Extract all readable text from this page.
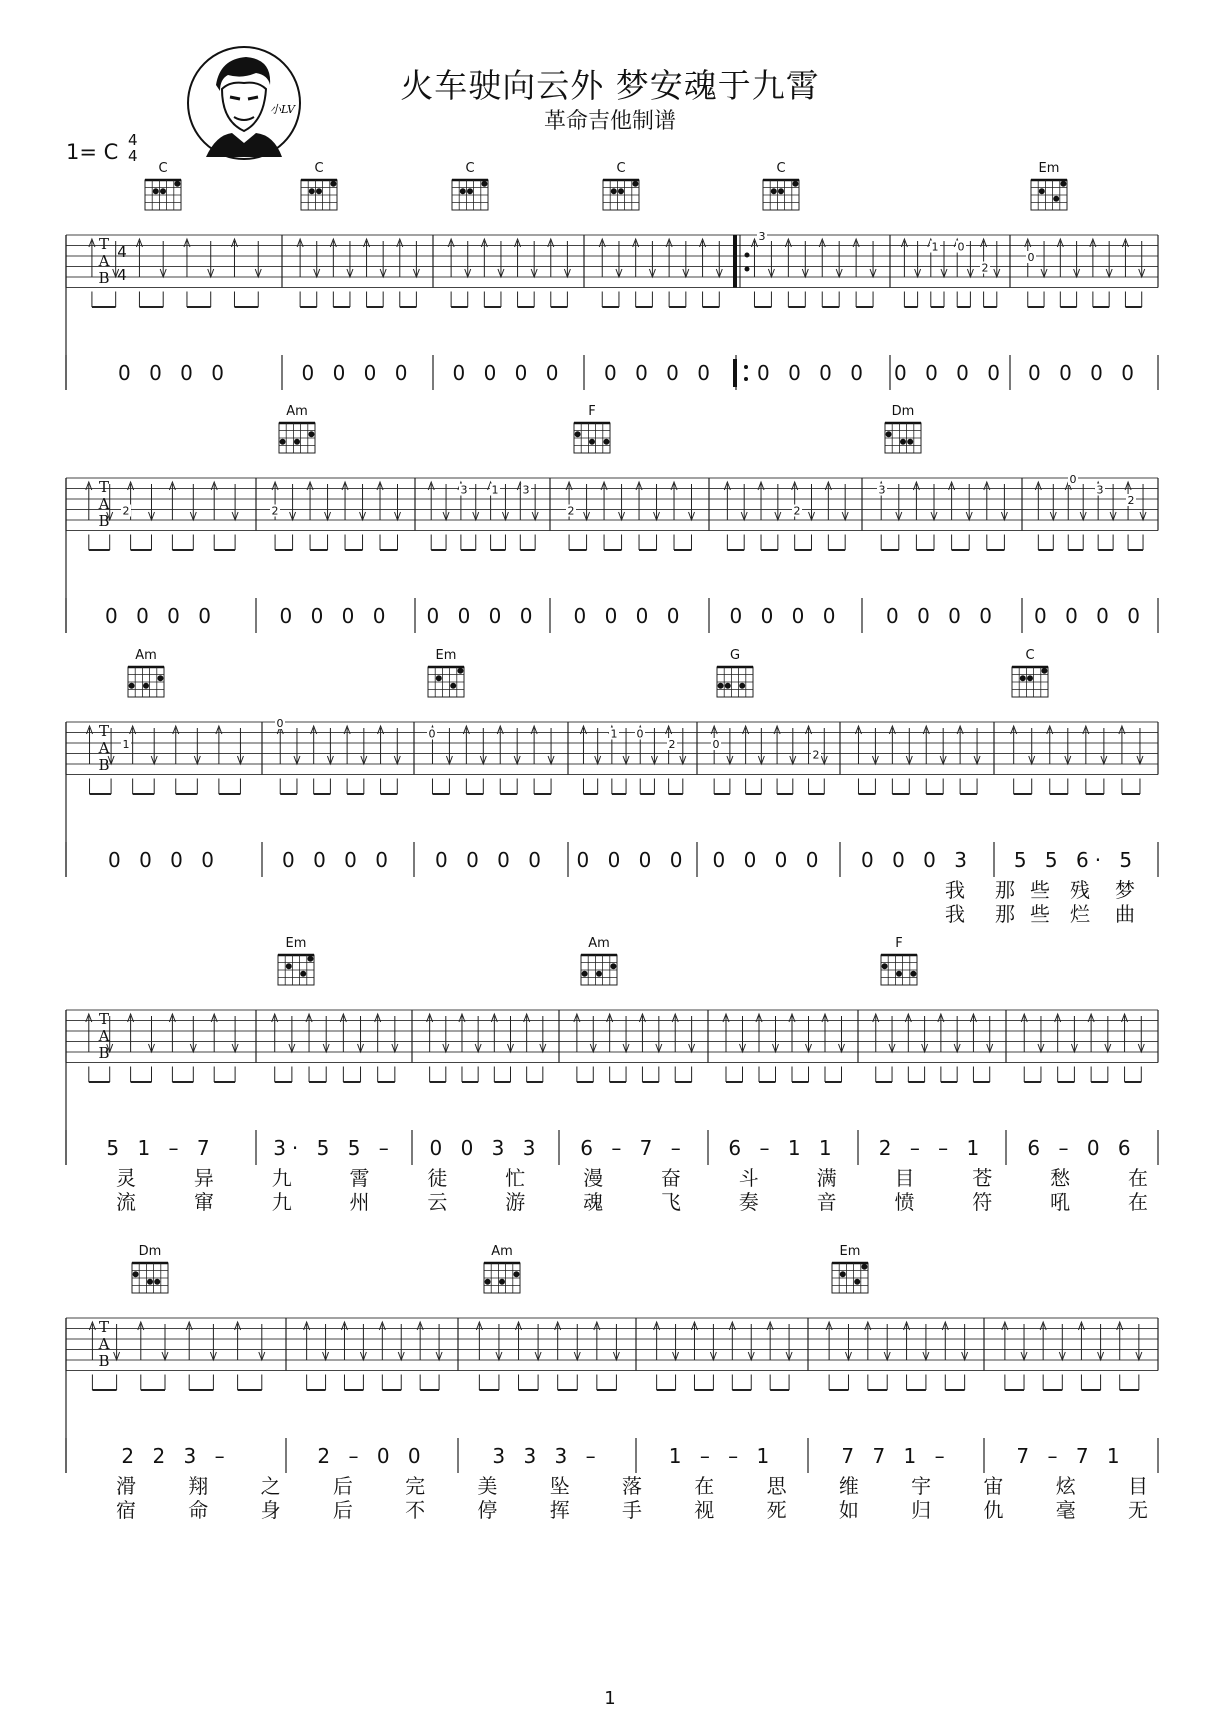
火车驶向云外 梦安魂于九霄
革命吉他制谱
1= C 4
4
小LV
T
A
B
4
4
3
1 0
2
0
C	C	C	C	C	Em
0 0 0 0	0 0 0 0 0 0 0 0 0 0 0 0 0 0 0 0 0 0 0 0 0 0 0 0
T
A
B
2	2
3 1 3
2	2
3
0
3
2
Am	F	Dm
0 0 0 0	0 0 0 0 0 0 0 0 0 0 0 0 0 0 0 0 0 0 0 0 0 0 0 0
T
A
B
1
0
0	1 0
2	0
2
Am	Em	G	C
0 0 0 0	0 0 0 0 0 0 0 0 0 0 0 0 0 0 0 0 0 0 0 3 5 5 6· 5
我 那 些 残 梦
我 那 些 烂 曲
T
A
B
Em	Am	F
5 1 – 7	3· 5 5 – 0 0 3 3 6 – 7 – 6 – 1 1 2 – – 1 6 – 0 6
灵	异	九	霄	徒	忙	漫	奋	斗	满	目	苍	愁	在
流	窜	九	州	云	游	魂	飞	奏	音	愤	符	吼	在
T
A
B
Dm	Am	Em
2 2 3 –	2 – 0 0	3 3 3 –	1 – – 1	7 7 1 –	7 – 7 1
滑	翔	之	后	完	美	坠	落	在	思	维	宇	宙	炫	目
宿	命	身	后	不	停	挥	手	视	死	如	归	仇	毫	无
1
